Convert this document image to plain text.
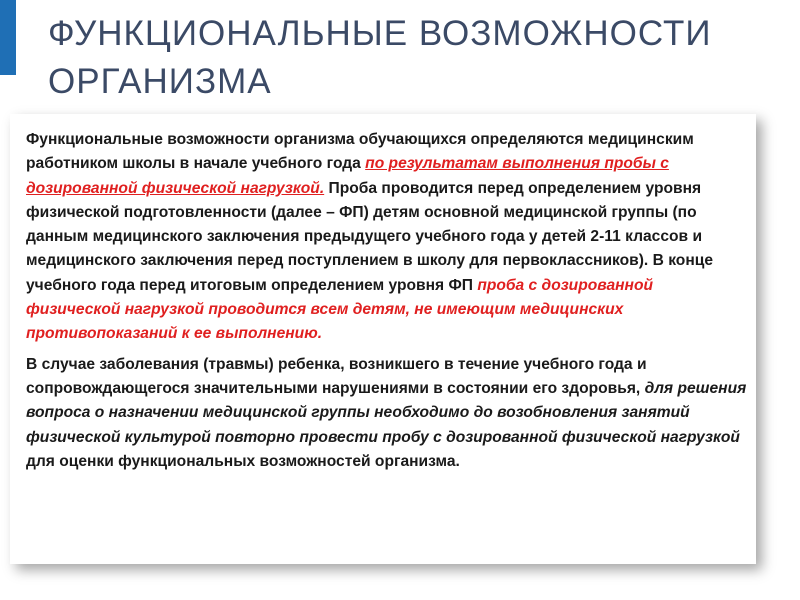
ФУНКЦИОНАЛЬНЫЕ ВОЗМОЖНОСТИ
ОРГАНИЗМА

Функциональные возможности организма обучающихся определяются медицинским работником школы в начале учебного года по результатам выполнения пробы с дозированной физической нагрузкой. Проба проводится перед определением уровня физической подготовленности (далее – ФП) детям основной медицинской группы (по данным медицинского заключения предыдущего учебного года у детей 2-11 классов и медицинского заключения перед поступлением в школу для первоклассников). В конце учебного года перед итоговым определением уровня ФП проба с дозированной физической нагрузкой проводится всем детям, не имеющим медицинских противопоказаний к ее выполнению.

В случае заболевания (травмы) ребенка, возникшего в течение учебного года и сопровождающегося значительными нарушениями в состоянии его здоровья, для решения вопроса о назначении медицинской группы необходимо до возобновления занятий физической культурой повторно провести пробу с дозированной физической нагрузкой для оценки функциональных возможностей организма.
